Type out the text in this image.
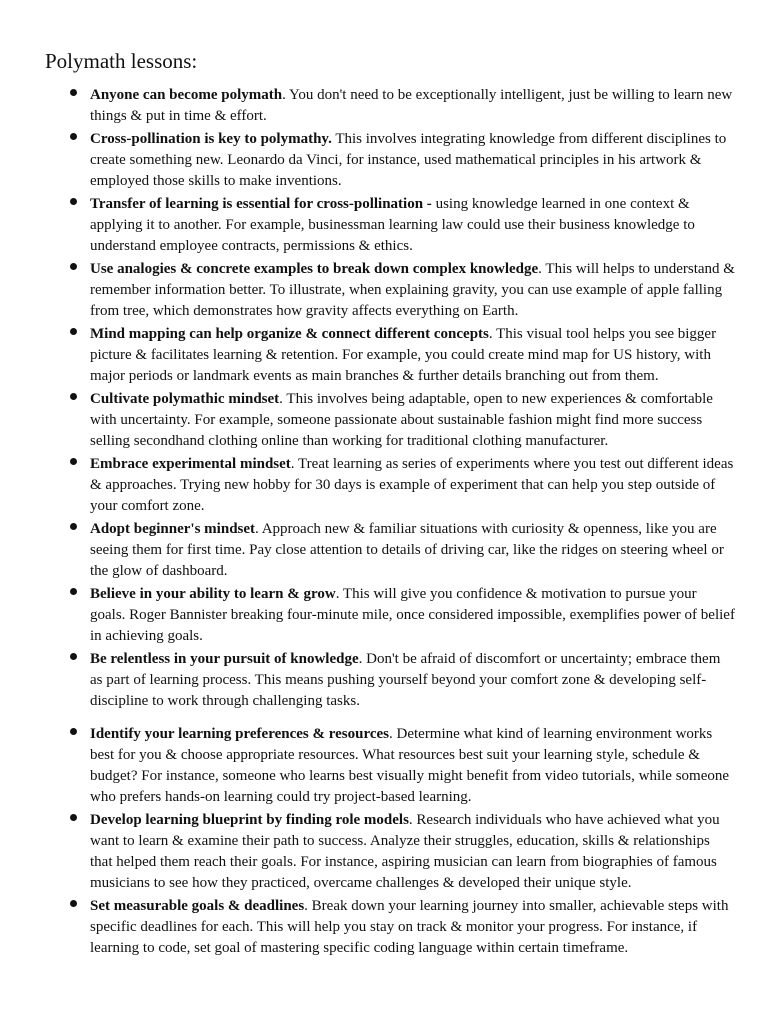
Polymath lessons:
Anyone can become polymath. You don't need to be exceptionally intelligent, just be willing to learn new things & put in time & effort.
Cross-pollination is key to polymathy. This involves integrating knowledge from different disciplines to create something new. Leonardo da Vinci, for instance, used mathematical principles in his artwork & employed those skills to make inventions.
Transfer of learning is essential for cross-pollination - using knowledge learned in one context & applying it to another. For example, businessman learning law could use their business knowledge to understand employee contracts, permissions & ethics.
Use analogies & concrete examples to break down complex knowledge. This will helps to understand & remember information better. To illustrate, when explaining gravity, you can use example of apple falling from tree, which demonstrates how gravity affects everything on Earth.
Mind mapping can help organize & connect different concepts. This visual tool helps you see bigger picture & facilitates learning & retention. For example, you could create mind map for US history, with major periods or landmark events as main branches & further details branching out from them.
Cultivate polymathic mindset. This involves being adaptable, open to new experiences & comfortable with uncertainty. For example, someone passionate about sustainable fashion might find more success selling secondhand clothing online than working for traditional clothing manufacturer.
Embrace experimental mindset. Treat learning as series of experiments where you test out different ideas & approaches. Trying new hobby for 30 days is example of experiment that can help you step outside of your comfort zone.
Adopt beginner's mindset. Approach new & familiar situations with curiosity & openness, like you are seeing them for first time. Pay close attention to details of driving car, like the ridges on steering wheel or the glow of dashboard.
Believe in your ability to learn & grow. This will give you confidence & motivation to pursue your goals. Roger Bannister breaking four-minute mile, once considered impossible, exemplifies power of belief in achieving goals.
Be relentless in your pursuit of knowledge. Don't be afraid of discomfort or uncertainty; embrace them as part of learning process. This means pushing yourself beyond your comfort zone & developing self-discipline to work through challenging tasks.
Identify your learning preferences & resources. Determine what kind of learning environment works best for you & choose appropriate resources. What resources best suit your learning style, schedule & budget? For instance, someone who learns best visually might benefit from video tutorials, while someone who prefers hands-on learning could try project-based learning.
Develop learning blueprint by finding role models. Research individuals who have achieved what you want to learn & examine their path to success. Analyze their struggles, education, skills & relationships that helped them reach their goals. For instance, aspiring musician can learn from biographies of famous musicians to see how they practiced, overcame challenges & developed their unique style.
Set measurable goals & deadlines. Break down your learning journey into smaller, achievable steps with specific deadlines for each. This will help you stay on track & monitor your progress. For instance, if learning to code, set goal of mastering specific coding language within certain timeframe.
